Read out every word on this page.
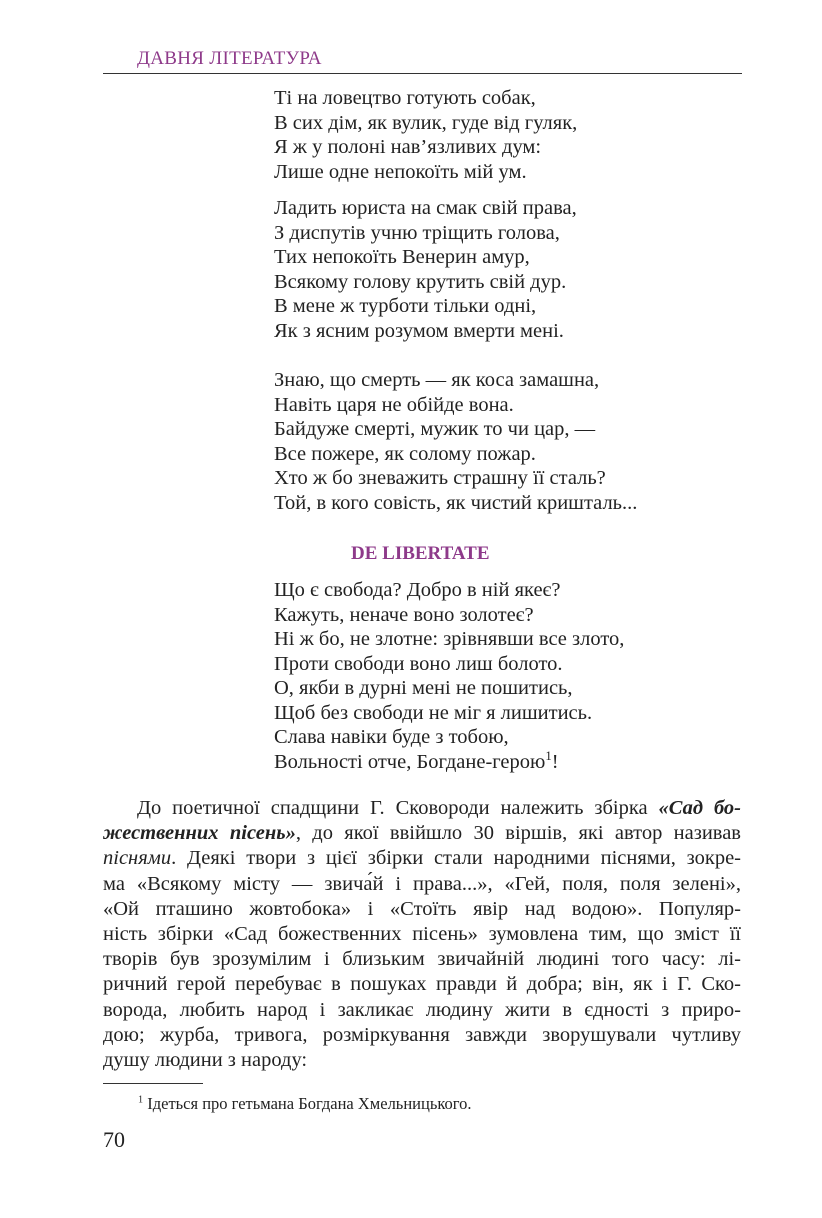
ДАВНЯ ЛІТЕРАТУРА
Ті на ловецтво готують собак,
В сих дім, як вулик, гуде від гуляк,
Я ж у полоні нав’язливих дум:
Лише одне непокоїть мій ум.
Ладить юриста на смак свій права,
З диспутів учню тріщить голова,
Тих непокоїть Венерин амур,
Всякому голову крутить свій дур.
В мене ж турботи тільки одні,
Як з ясним розумом вмерти мені.
Знаю, що смерть — як коса замашна,
Навіть царя не обійде вона.
Байдуже смерті, мужик то чи цар, —
Все пожере, як солому пожар.
Хто ж бо зневажить страшну її сталь?
Той, в кого совість, як чистий кришталь...
DE LIBERTATE
Що є свобода? Добро в ній якеє?
Кажуть, неначе воно золотеє?
Ні ж бо, не злотне: зрівнявши все злото,
Проти свободи воно лиш болото.
О, якби в дурні мені не пошитись,
Щоб без свободи не міг я лишитись.
Слава навіки буде з тобою,
Вольності отче, Богдане-герою$^1$!
До поетичної спадщини Г. Сковороди належить збірка «Сад бо-
жественних пісень», до якої ввійшло 30 віршів, які автор називав
піснями. Деякі твори з цієї збірки стали народними піснями, зокре-
ма «Всякому місту — звича́й і права...», «Гей, поля, поля зелені»,
«Ой пташино жовтобока» і «Стоїть явір над водою». Популяр-
ність збірки «Сад божественних пісень» зумовлена тим, що зміст її
творів був зрозумілим і близьким звичайній людині того часу: лі-
ричний герой перебуває в пошуках правди й добра; він, як і Г. Ско-
ворода, любить народ і закликає людину жити в єдності з приро-
дою; журба, тривога, розміркування завжди зворушували чутливу
душу людини з народу:
$^1$ Ідеться про гетьмана Богдана Хмельницького.
70
